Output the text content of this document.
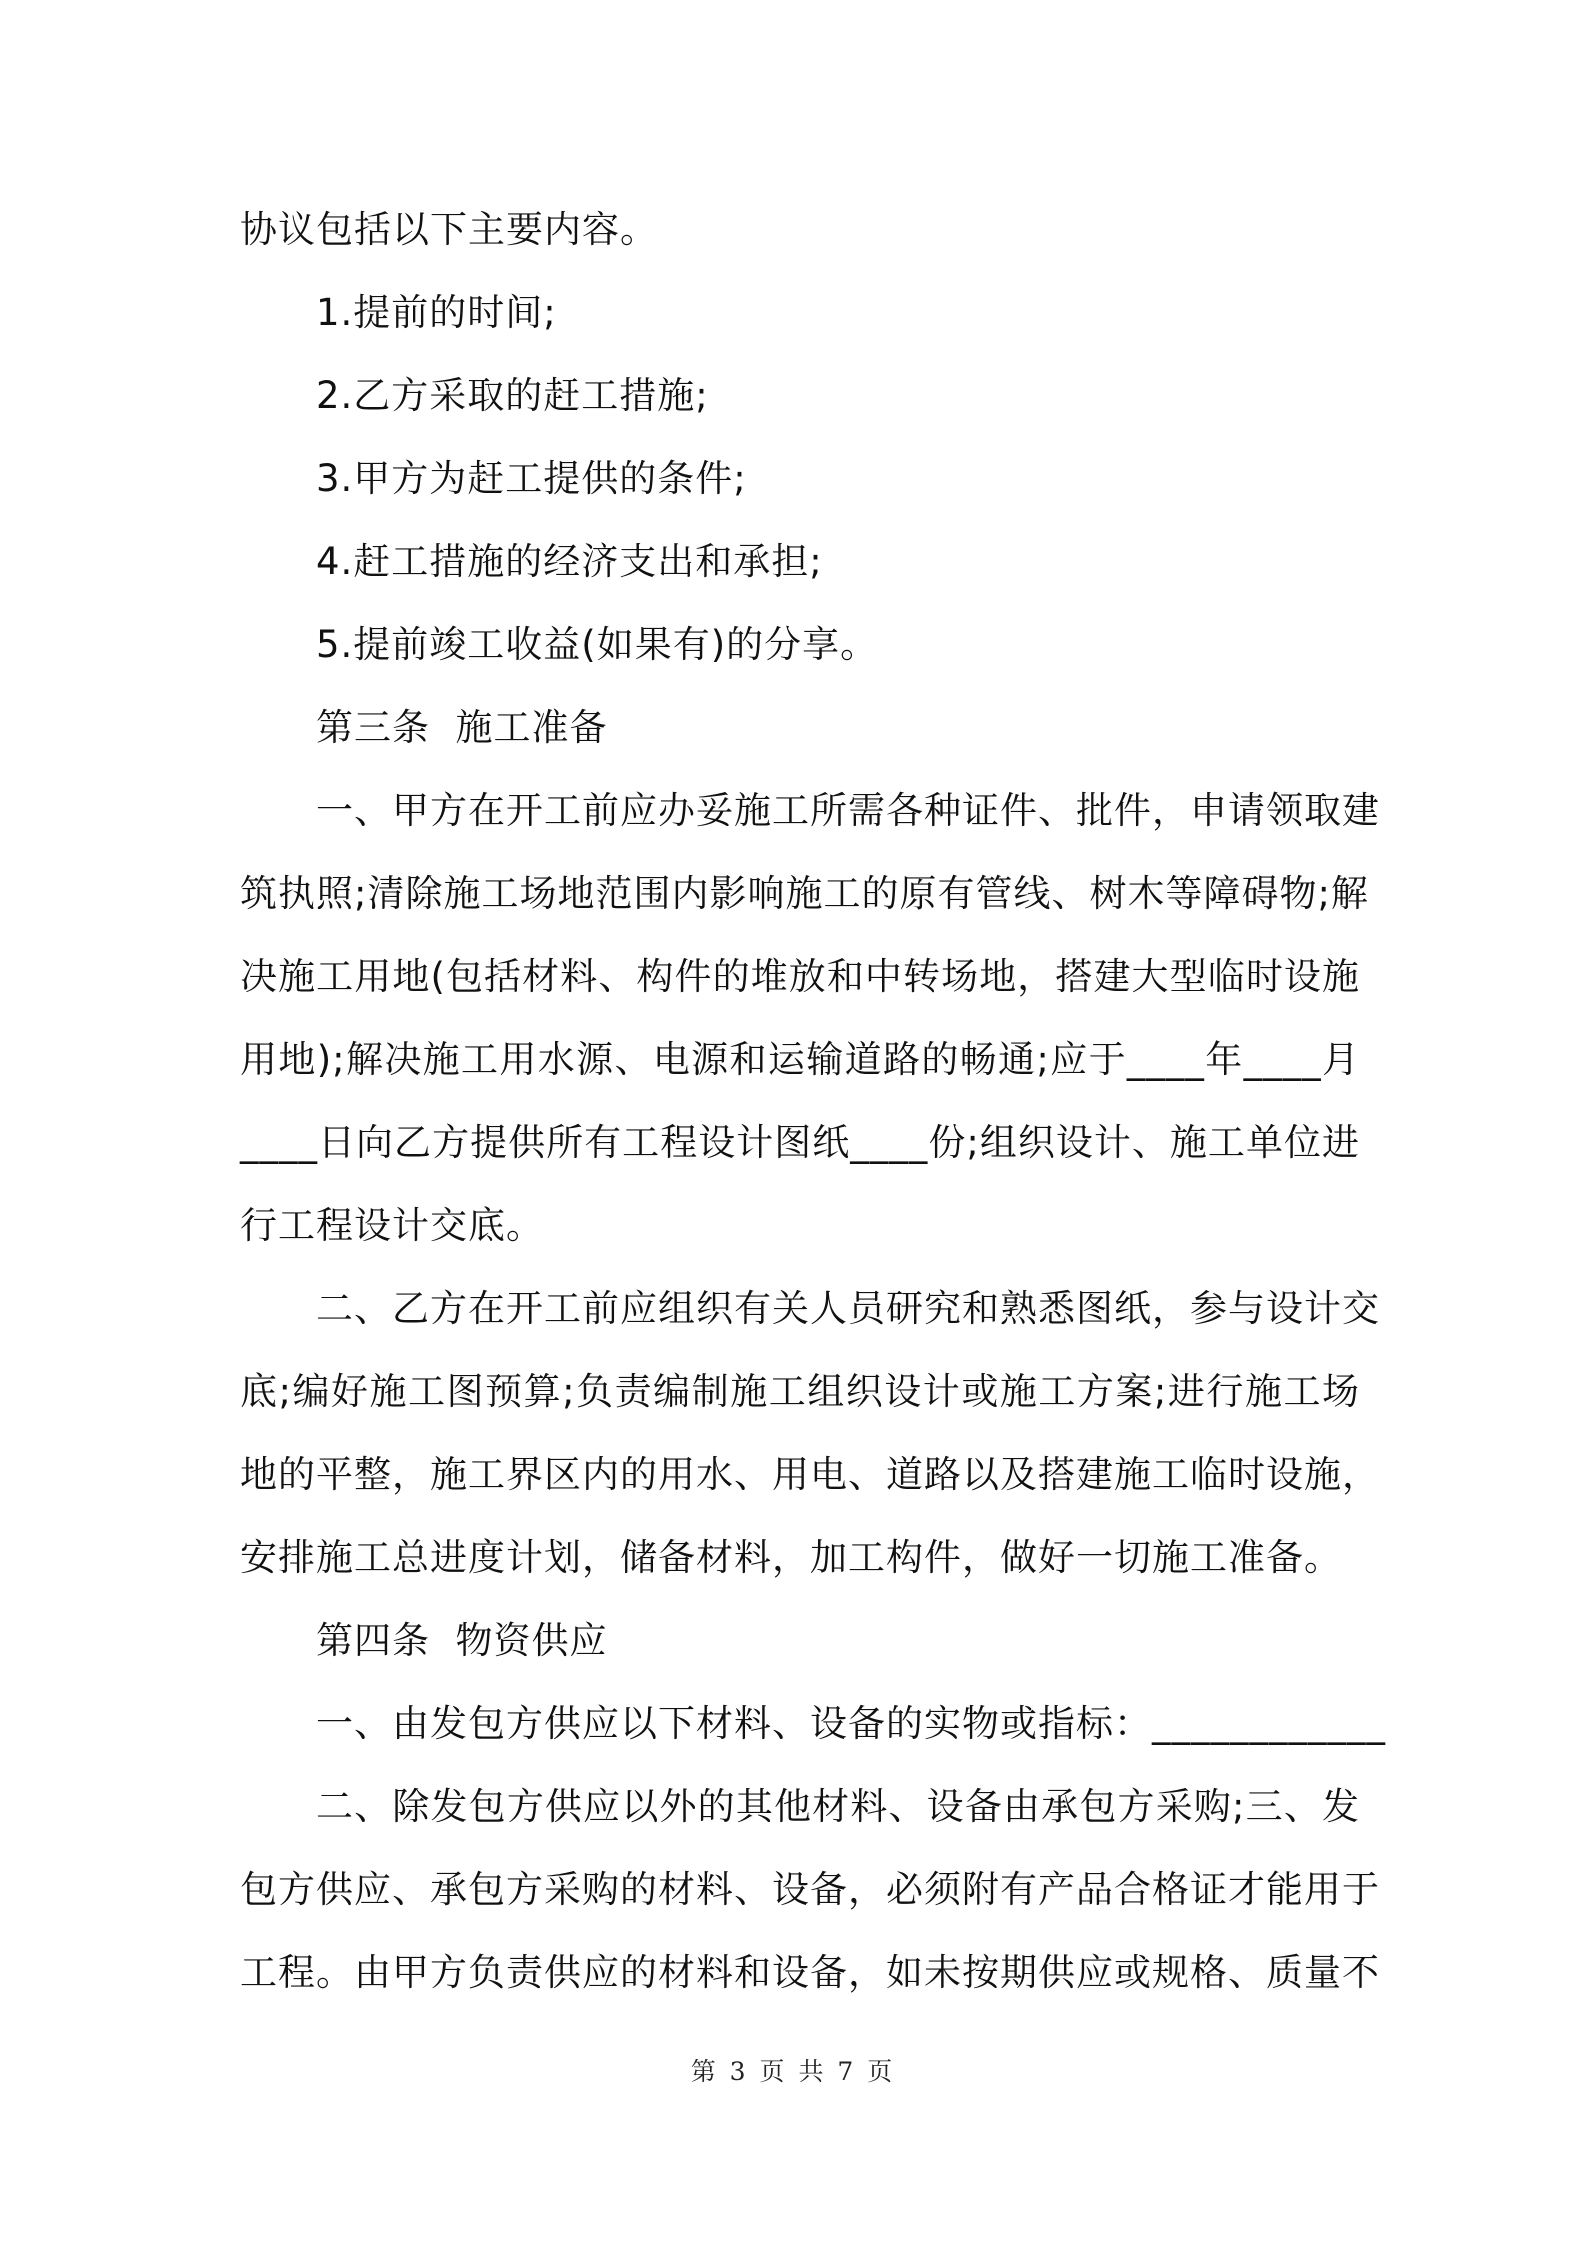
协议包括以下主要内容。
1.提前的时间;
2.乙方采取的赶工措施;
3.甲方为赶工提供的条件;
4.赶工措施的经济支出和承担;
5.提前竣工收益(如果有)的分享。
第三条  施工准备
一、甲方在开工前应办妥施工所需各种证件、批件，申请领取建
筑执照;清除施工场地范围内影响施工的原有管线、树木等障碍物;解
决施工用地(包括材料、构件的堆放和中转场地，搭建大型临时设施
用地);解决施工用水源、电源和运输道路的畅通;应于____年____月
____日向乙方提供所有工程设计图纸____份;组织设计、施工单位进
行工程设计交底。
二、乙方在开工前应组织有关人员研究和熟悉图纸，参与设计交
底;编好施工图预算;负责编制施工组织设计或施工方案;进行施工场
地的平整，施工界区内的用水、用电、道路以及搭建施工临时设施，
安排施工总进度计划，储备材料，加工构件，做好一切施工准备。
第四条  物资供应
一、由发包方供应以下材料、设备的实物或指标：____________
二、除发包方供应以外的其他材料、设备由承包方采购;三、发
包方供应、承包方采购的材料、设备，必须附有产品合格证才能用于
工程。由甲方负责供应的材料和设备，如未按期供应或规格、质量不
第 3 页 共 7 页
